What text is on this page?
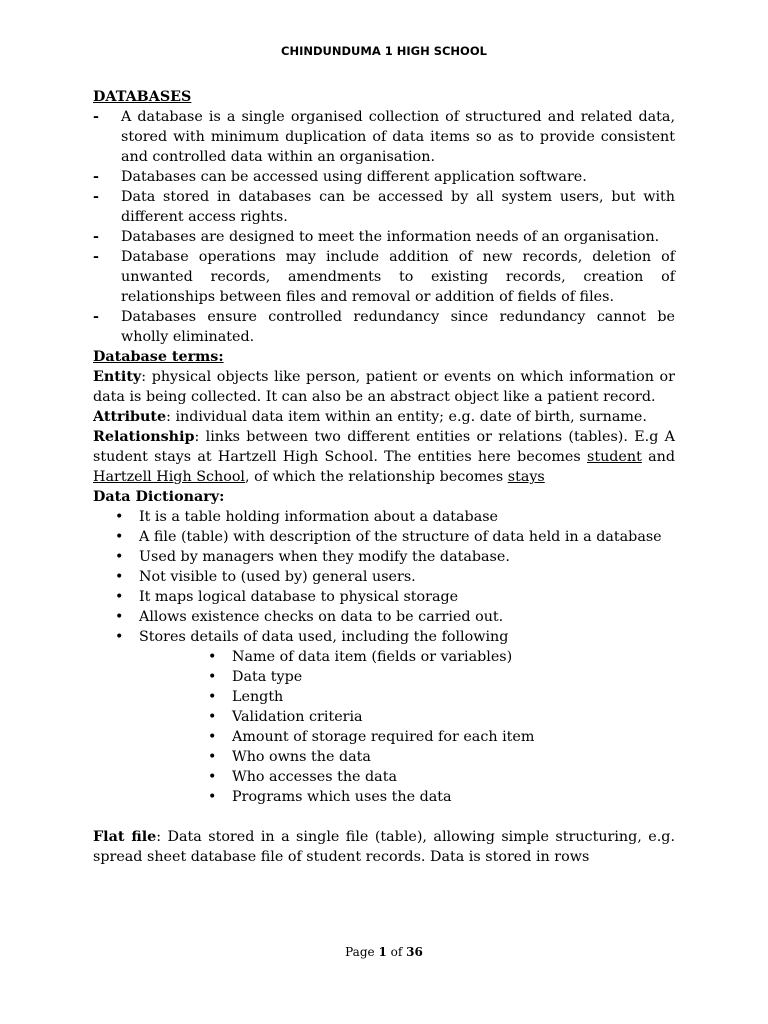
CHINDUNDUMA 1 HIGH SCHOOL
DATABASES
- A database is a single organised collection of structured and related data, stored with minimum duplication of data items so as to provide consistent and controlled data within an organisation.
- Databases can be accessed using different application software.
- Data stored in databases can be accessed by all system users, but with different access rights.
- Databases are designed to meet the information needs of an organisation.
- Database operations may include addition of new records, deletion of unwanted records, amendments to existing records, creation of relationships between files and removal or addition of fields of files.
- Databases ensure controlled redundancy since redundancy cannot be wholly eliminated.
Database terms:

Entity: physical objects like person, patient or events on which information or data is being collected. It can also be an abstract object like a patient record.

Attribute: individual data item within an entity; e.g. date of birth, surname.

Relationship: links between two different entities or relations (tables). E.g A student stays at Hartzell High School. The entities here becomes student and Hartzell High School, of which the relationship becomes stays

Data Dictionary:
• It is a table holding information about a database
• A file (table) with description of the structure of data held in a database
• Used by managers when they modify the database.
• Not visible to (used by) general users.
• It maps logical database to physical storage
• Allows existence checks on data to be carried out.
• Stores details of data used, including the following
• Name of data item (fields or variables)
• Data type
• Length
• Validation criteria
• Amount of storage required for each item
• Who owns the data
• Who accesses the data
• Programs which uses the data

Flat file: Data stored in a single file (table), allowing simple structuring, e.g. spread sheet database file of student records. Data is stored in rows

Page 1 of 36
